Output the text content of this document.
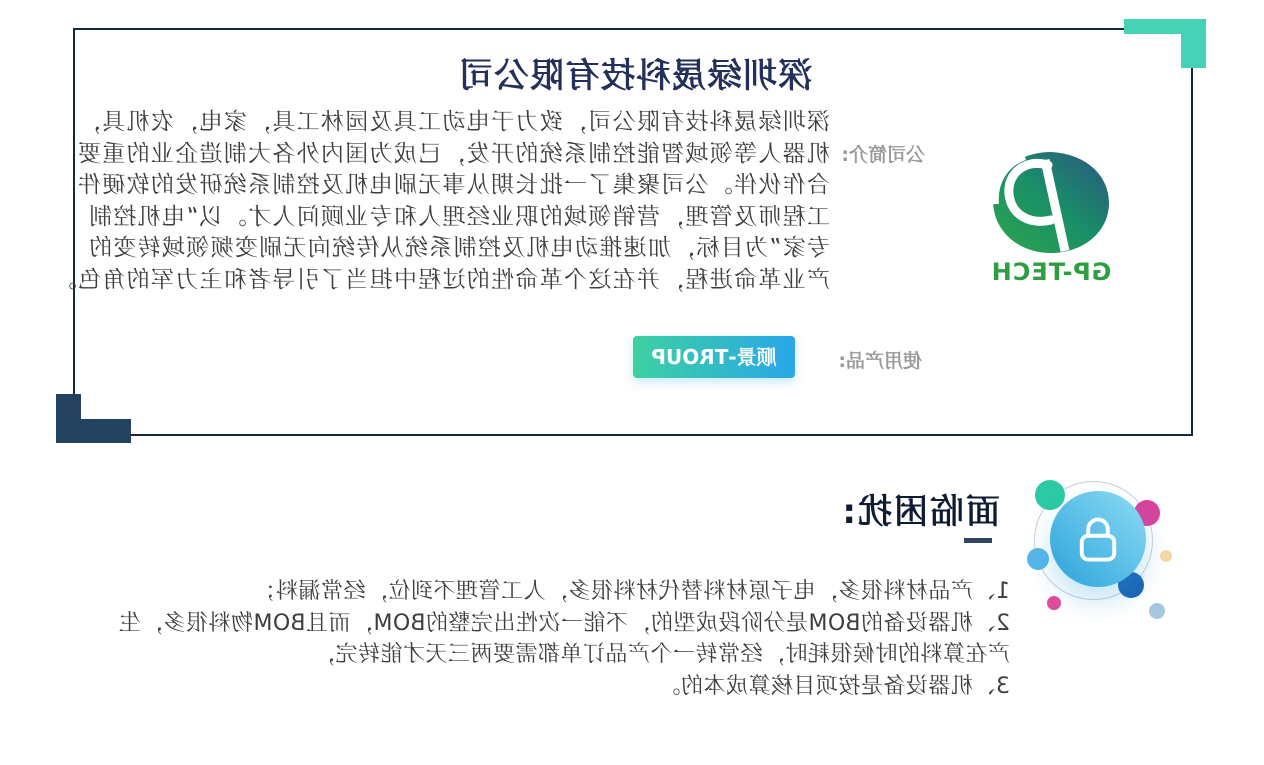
深圳绿晟科技有限公司
GP-TECH
公司简介:
深圳绿晟科技有限公司，致力于电动工具及园林工具，家电，农机具，
机器人等领域智能控制系统的开发，已成为国内外各大制造企业的重要
合作伙伴。公司聚集了一批长期从事无刷电机及控制系统研发的软硬件
工程师及管理，营销领域的职业经理人和专业顾问人才。以“电机控制
专家”为目标，加速推动电机及控制系统从传统向无刷变频领域转变的
产业革命进程，并在这个革命性的过程中担当了引导者和主力军的角色。
使用产品:
顺景-TROUP
面临困扰:
1、产品材料很多，电子原材料替代材料很多，人工管理不到位，经常漏料；
2、机器设备的BOM是分阶段成型的，不能一次性出完整的BOM，而且BOM物料很多，生
产在算料的时候很耗时，经常转一个产品订单都需要两三天才能转完，
3、机器设备是按项目核算成本的。
